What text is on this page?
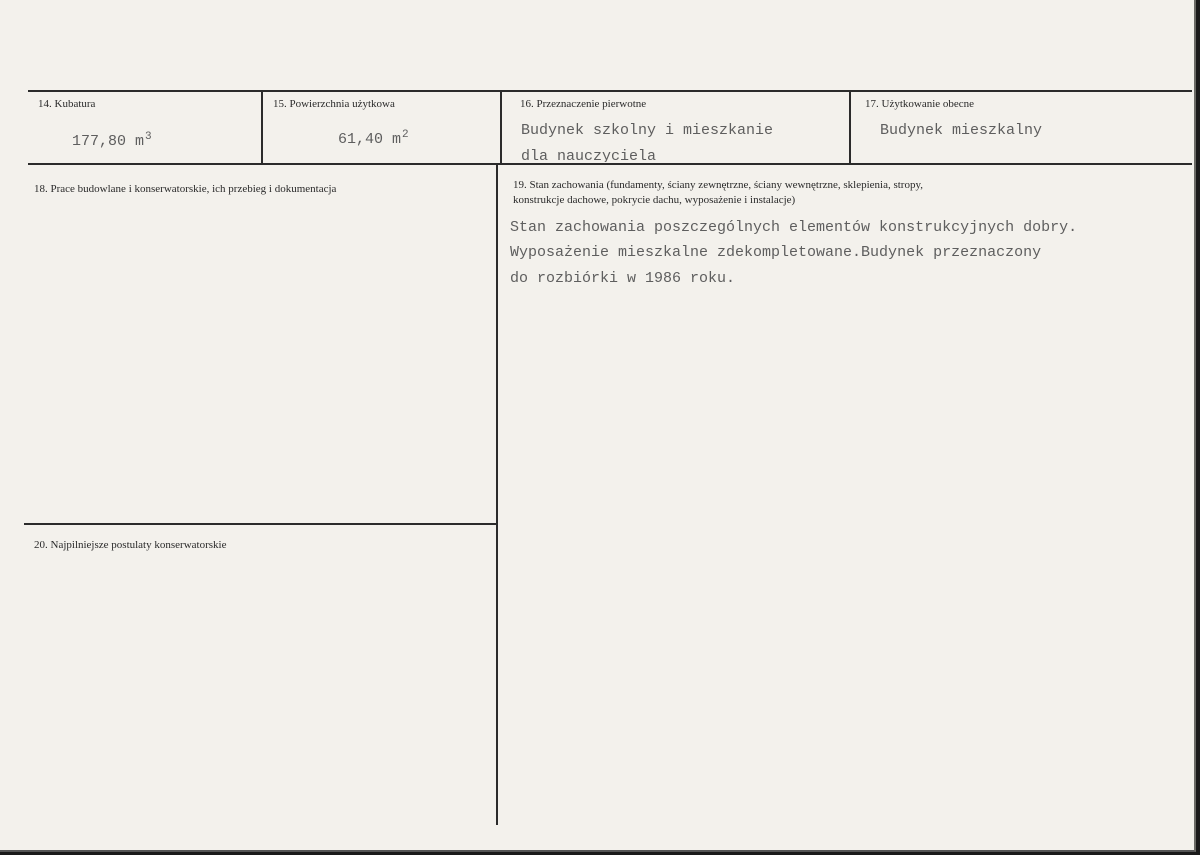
14. Kubatura
177,80 $m^3$
15. Powierzchnia użytkowa
61,40 $m^2$
16. Przeznaczenie pierwotne
Budynek szkolny i mieszkanie
dla nauczyciela
17. Użytkowanie obecne
Budynek mieszkalny
18. Prace budowlane i konserwatorskie, ich przebieg i dokumentacja	19. Stan zachowania (fundamenty, ściany zewnętrzne, ściany wewnętrzne, sklepienia, stropy,
konstrukcje dachowe, pokrycie dachu, wyposażenie i instalacje)
Stan zachowania poszczególnych elementów konstrukcyjnych dobry.
Wyposażenie mieszkalne zdekompletowane.Budynek przeznaczony
do rozbiórki w 1986 roku.
20. Najpilniejsze postulaty konserwatorskie
